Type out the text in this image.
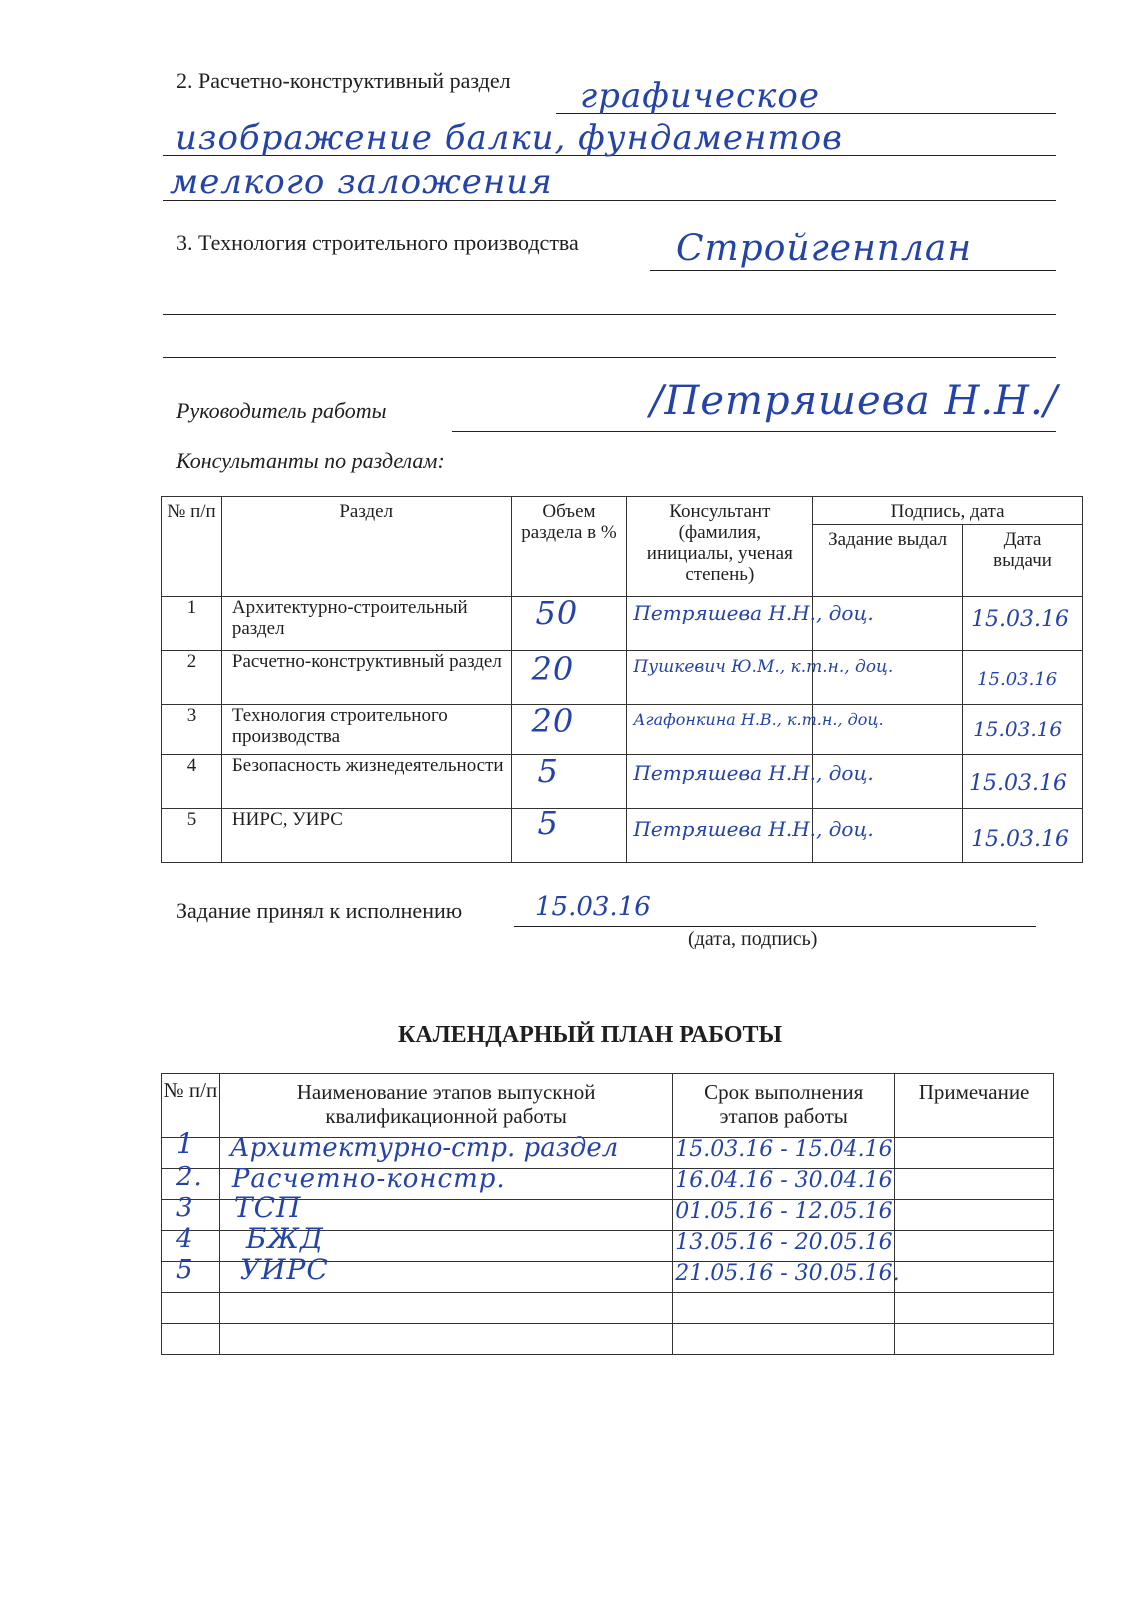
2. Расчетно-конструктивный раздел графическое
изображение балки, фундаментов
мелкого заложения
3. Технология строительного производства	Стройгенплан
Руководитель работы	/Петряшева Н.Н./
Консультанты по разделам:
№ п/п	Раздел	Объем раздела в %	Консультант (фамилия, инициалы, ученая степень)	Подпись, дата	
				Задание выдал	Дата выдачи
1	Архитектурно-строительный раздел	50	Петряшева Н.Н., доц.		15.03.16

2	Расчетно-конструктивный раздел	20	Пушкевич Ю.М., к.т.н., доц.		15.03.16

3	Технология строительного производства	20	Агафонкина Н.В., к.т.н., доц.		15.03.16

4	Безопасность жизнедеятельности	5	Петряшева Н.Н., доц.		15.03.16

5	НИРС, УИРС	5	Петряшева Н.Н., доц.		15.03.16
Задание принял к исполнению	15.03.16
(дата, подпись)
КАЛЕНДАРНЫЙ ПЛАН РАБОТЫ
№ п/п	Наименование этапов выпускной квалификационной работы	Срок выполнения этапов работы	Примечание

1	Архитектурно-стр. раздел	15.03.16 - 15.04.16	

2.	Расчетно-констр.	16.04.16 - 30.04.16	

3	ТСП	01.05.16 - 12.05.16	

4	БЖД	13.05.16 - 20.05.16	

5	УИРС	21.05.16 - 30.05.16.	
